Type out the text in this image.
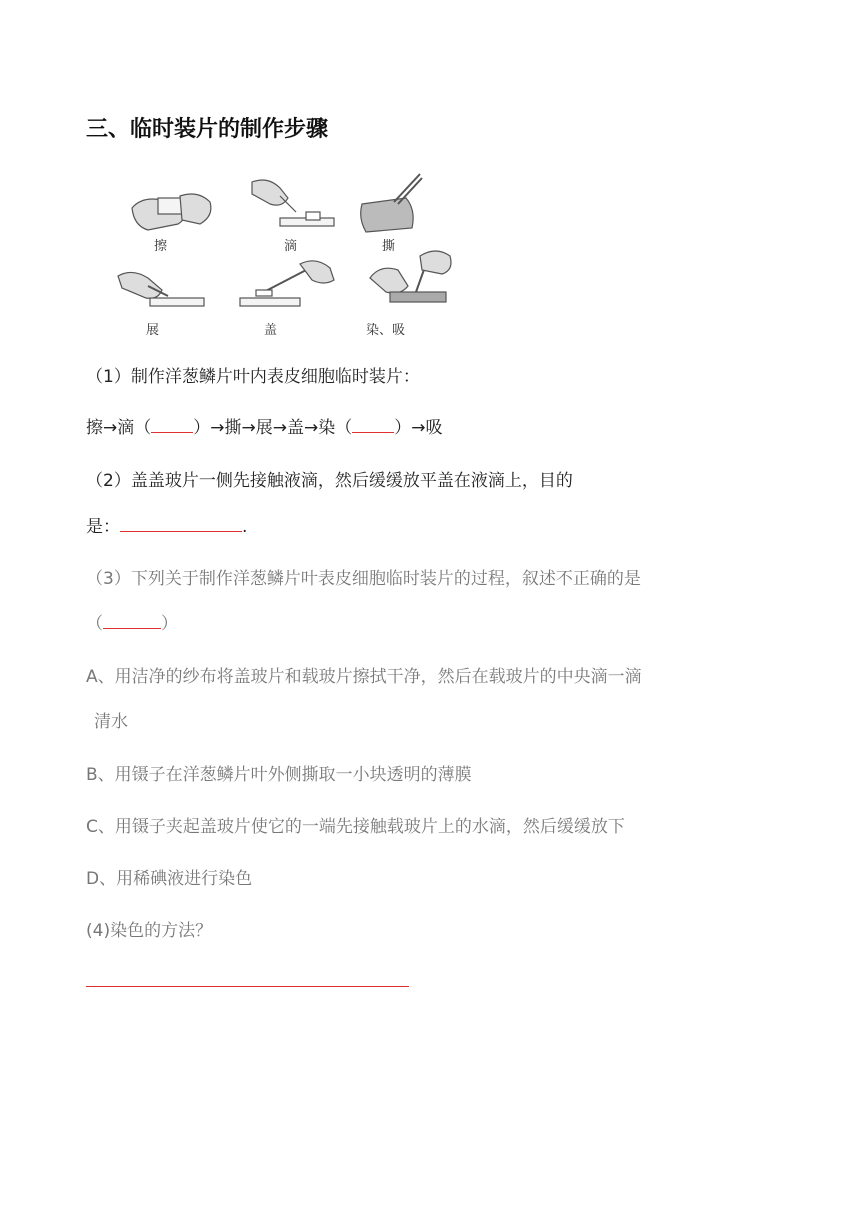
三、临时装片的制作步骤
擦	滴	撕
展	盖	染、吸
（1）制作洋葱鳞片叶内表皮细胞临时装片：
擦→滴（ ）→撕→展→盖→染（ ）→吸
（2）盖盖玻片一侧先接触液滴，然后缓缓放平盖在液滴上，目的
是：	.
（3）下列关于制作洋葱鳞片叶表皮细胞临时装片的过程，叙述不正确的是
（	）
A、用洁净的纱布将盖玻片和载玻片擦拭干净，然后在载玻片的中央滴一滴
清水
B、用镊子在洋葱鳞片叶外侧撕取一小块透明的薄膜
C、用镊子夹起盖玻片使它的一端先接触载玻片上的水滴，然后缓缓放下
D、用稀碘液进行染色
(4)染色的方法？
